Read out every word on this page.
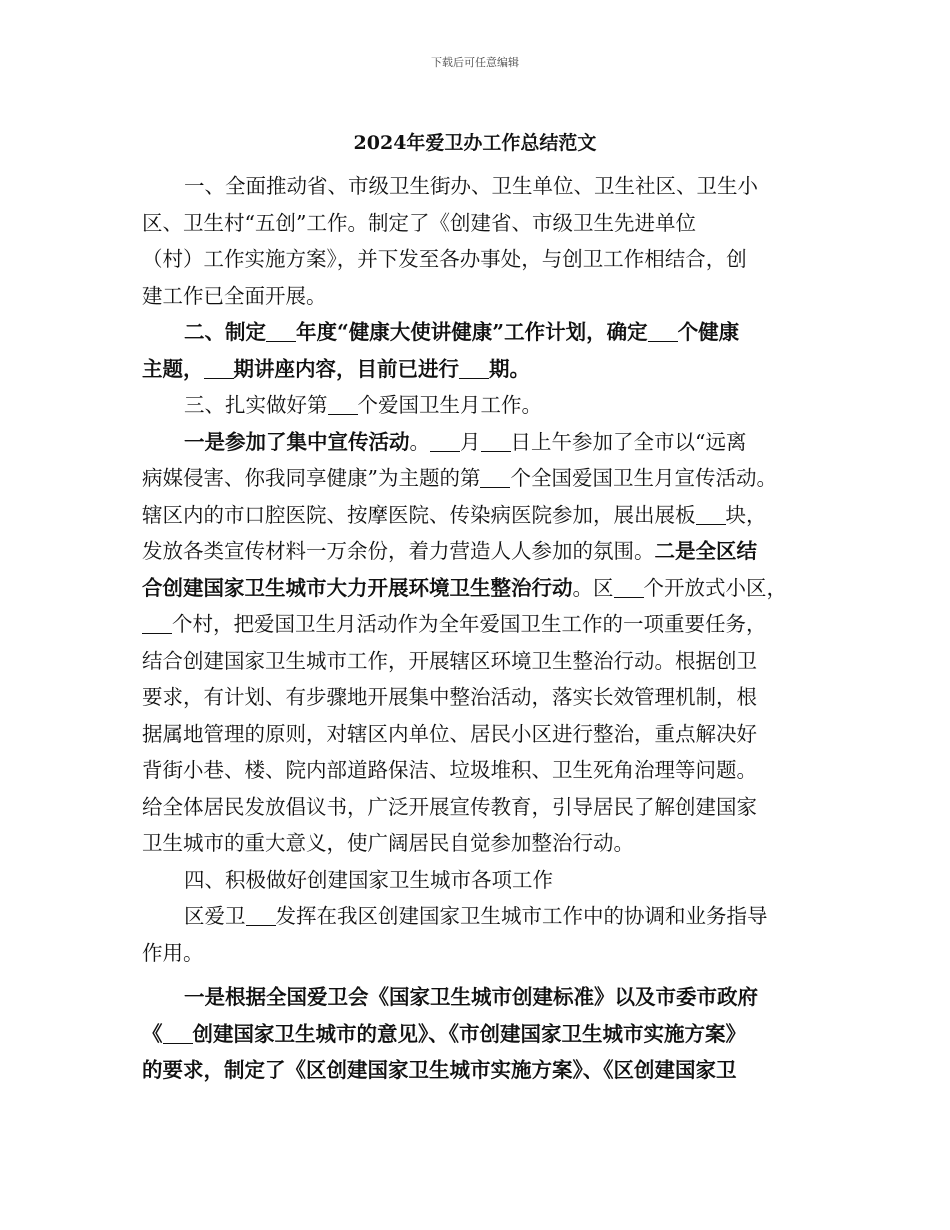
下载后可任意编辑
2024年爱卫办工作总结范文
一、全面推动省、市级卫生街办、卫生单位、卫生社区、卫生小
区、卫生村“五创”工作。制定了《创建省、市级卫生先进单位
（村）工作实施方案》，并下发至各办事处，与创卫工作相结合，创
建工作已全面开展。
二、制定 年度“健康大使讲健康”工作计划，确定 个健康
主题， 期讲座内容，目前已进行 期。
三、扎实做好第 个爱国卫生月工作。
一是参加了集中宣传活动。 月 日上午参加了全市以“远离
病媒侵害、你我同享健康”为主题的第 个全国爱国卫生月宣传活动。
辖区内的市口腔医院、按摩医院、传染病医院参加，展出展板 块，
发放各类宣传材料一万余份，着力营造人人参加的氛围。二是全区结
合创建国家卫生城市大力开展环境卫生整治行动。区 个开放式小区，
个村，把爱国卫生月活动作为全年爱国卫生工作的一项重要任务，
结合创建国家卫生城市工作，开展辖区环境卫生整治行动。根据创卫
要求，有计划、有步骤地开展集中整治活动，落实长效管理机制，根
据属地管理的原则，对辖区内单位、居民小区进行整治，重点解决好
背街小巷、楼、院内部道路保洁、垃圾堆积、卫生死角治理等问题。
给全体居民发放倡议书，广泛开展宣传教育，引导居民了解创建国家
卫生城市的重大意义，使广阔居民自觉参加整治行动。
四、积极做好创建国家卫生城市各项工作
区爱卫 发挥在我区创建国家卫生城市工作中的协调和业务指导
作用。
一是根据全国爱卫会《国家卫生城市创建标准》以及市委市政府
《 创建国家卫生城市的意见》、《市创建国家卫生城市实施方案》
的要求，制定了《区创建国家卫生城市实施方案》、《区创建国家卫
